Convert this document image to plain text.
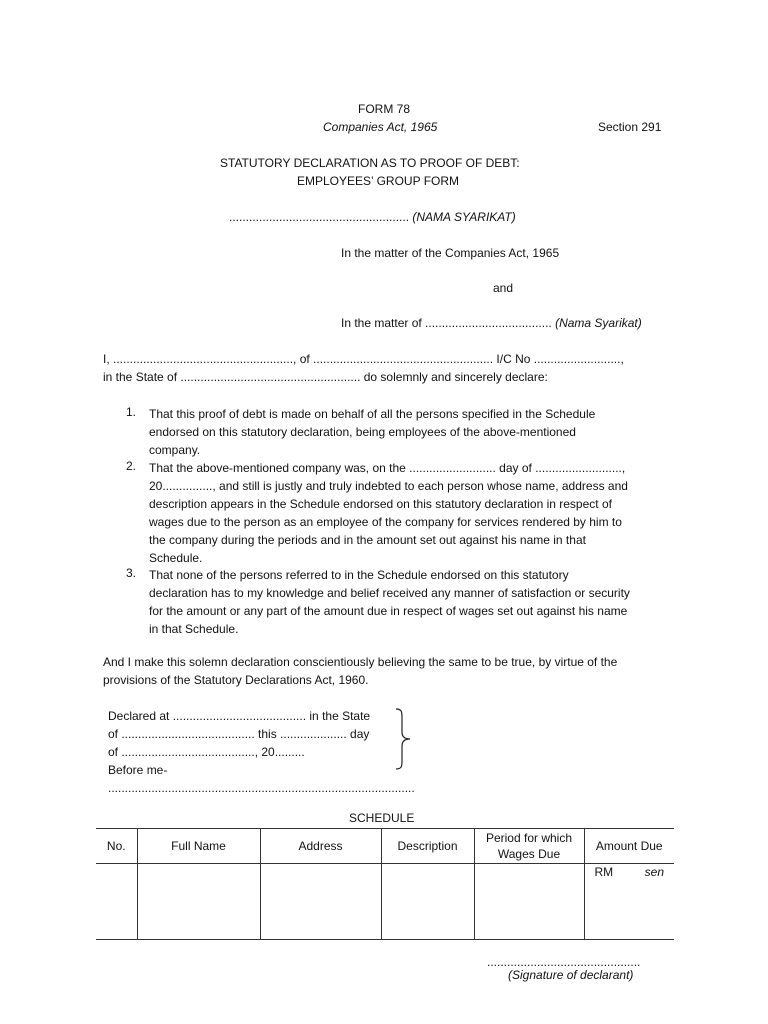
FORM 78
Companies Act, 1965	Section 291
STATUTORY DECLARATION AS TO PROOF OF DEBT:
EMPLOYEES’ GROUP FORM
...................................................... (NAMA SYARIKAT)
In the matter of the Companies Act, 1965
and
In the matter of ...................................... (Nama Syarikat)
I, ......................................................, of ...................................................... I/C No ..........................,
in the State of ...................................................... do solemnly and sincerely declare:
1. That this proof of debt is made on behalf of all the persons specified in the Schedule
endorsed on this statutory declaration, being employees of the above-mentioned
company.
2. That the above-mentioned company was, on the .......................... day of ..........................,
20..............., and still is justly and truly indebted to each person whose name, address and
description appears in the Schedule endorsed on this statutory declaration in respect of
wages due to the person as an employee of the company for services rendered by him to
the company during the periods and in the amount set out against his name in that
Schedule.
3. That none of the persons referred to in the Schedule endorsed on this statutory
declaration has to my knowledge and belief received any manner of satisfaction or security
for the amount or any part of the amount due in respect of wages set out against his name
in that Schedule.
And I make this solemn declaration conscientiously believing the same to be true, by virtue of the
provisions of the Statutory Declarations Act, 1960.
Declared at ........................................ in the State
of ........................................ this .................... day
of ........................................, 20.........
Before me-
............................................................................................
SCHEDULE
No.	Full Name	Address	Description	Period for which Wages Due	Amount Due

					RM sen
..............................................
(Signature of declarant)
